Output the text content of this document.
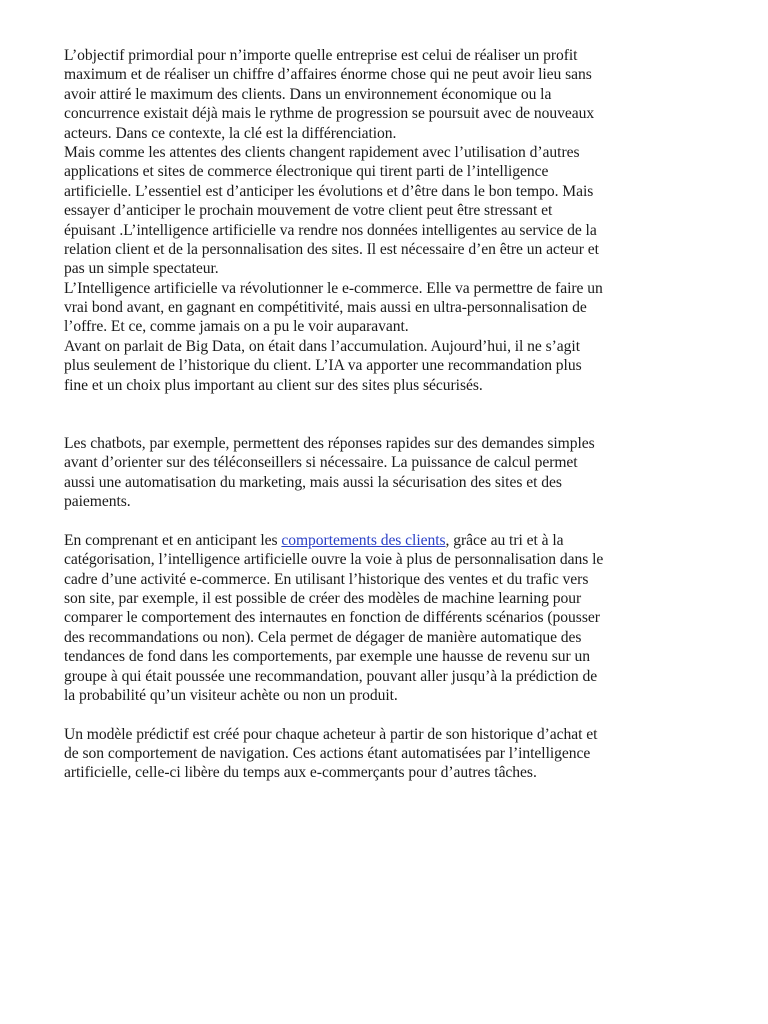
L’objectif primordial pour n’importe quelle entreprise est celui de réaliser un profit
maximum et de réaliser un chiffre d’affaires énorme chose qui ne peut avoir lieu sans
avoir attiré le maximum des clients. Dans un environnement économique ou la
concurrence existait déjà mais le rythme de progression se poursuit avec de nouveaux
acteurs. Dans ce contexte, la clé est la différenciation.
Mais comme les attentes des clients changent rapidement avec l’utilisation d’autres
applications et sites de commerce électronique qui tirent parti de l’intelligence
artificielle. L’essentiel est d’anticiper les évolutions et d’être dans le bon tempo. Mais
essayer d’anticiper le prochain mouvement de votre client peut être stressant et
épuisant .L’intelligence artificielle va rendre nos données intelligentes au service de la
relation client et de la personnalisation des sites. Il est nécessaire d’en être un acteur et
pas un simple spectateur.
L’Intelligence artificielle va révolutionner le e-commerce. Elle va permettre de faire un
vrai bond avant, en gagnant en compétitivité, mais aussi en ultra-personnalisation de
l’offre. Et ce, comme jamais on a pu le voir auparavant.
Avant on parlait de Big Data, on était dans l’accumulation. Aujourd’hui, il ne s’agit
plus seulement de l’historique du client. L’IA va apporter une recommandation plus
fine et un choix plus important au client sur des sites plus sécurisés.
Les chatbots, par exemple, permettent des réponses rapides sur des demandes simples
avant d’orienter sur des téléconseillers si nécessaire. La puissance de calcul permet
aussi une automatisation du marketing, mais aussi la sécurisation des sites et des
paiements.
En comprenant et en anticipant les comportements des clients, grâce au tri et à la
catégorisation, l’intelligence artificielle ouvre la voie à plus de personnalisation dans le
cadre d’une activité e-commerce. En utilisant l’historique des ventes et du trafic vers
son site, par exemple, il est possible de créer des modèles de machine learning pour
comparer le comportement des internautes en fonction de différents scénarios (pousser
des recommandations ou non). Cela permet de dégager de manière automatique des
tendances de fond dans les comportements, par exemple une hausse de revenu sur un
groupe à qui était poussée une recommandation, pouvant aller jusqu’à la prédiction de
la probabilité qu’un visiteur achète ou non un produit.
Un modèle prédictif est créé pour chaque acheteur à partir de son historique d’achat et
de son comportement de navigation. Ces actions étant automatisées par l’intelligence
artificielle, celle-ci libère du temps aux e-commerçants pour d’autres tâches.
